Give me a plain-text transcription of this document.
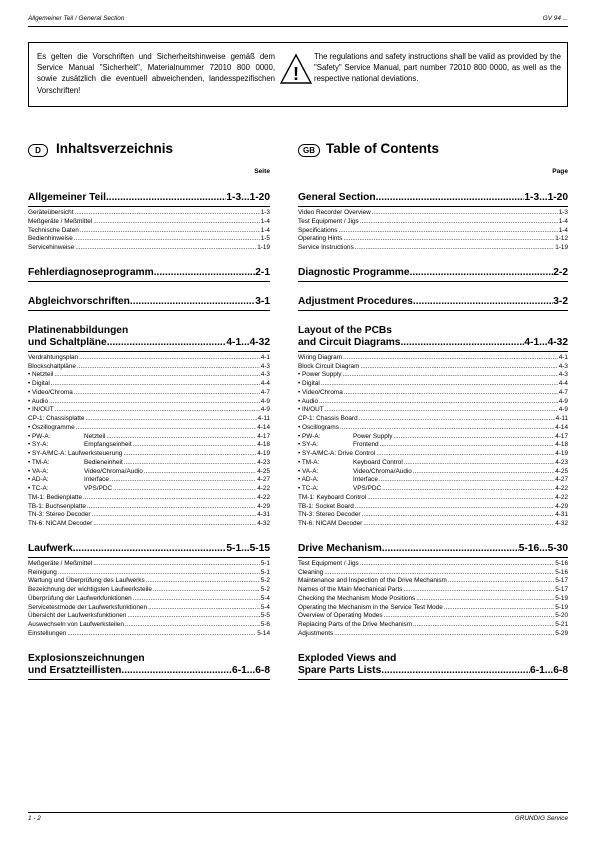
Allgemeiner Teil / General Section	GV 94 ...
Es gelten die Vorschriften und Sicherheitshinweise gemäß dem Service Manual "Sicherheit", Materialnummer 72010 800 0000, sowie zusätzlich die eventuell abweichenden, landesspezifischen Vorschriften!
!
The regulations and safety instructions shall be valid as provided by the "Safety" Service Manual, part number 72010 800 0000, as well as the respective national deviations.
D	Inhaltsverzeichnis
Seite
Allgemeiner Teil .....	1-3...1-20
Geräteübersicht .....	1-3
Meßgeräte / Meßmittel .....	1-4
Technische Daten .....	1-4
Bedienhinweise .....	1-5
Servicehinweise .....	1-19
Fehlerdiagnoseprogramm .....	2-1
Abgleichvorschriften .....	3-1
Platinenabbildungen
und Schaltpläne .....	4-1...4-32
Verdrahtungsplan .....	4-1
Blockschaltpläne .....	4-3
• Netzteil .....	4-3
• Digital .....	4-4
• Video/Chroma .....	4-7
• Audio .....	4-9
• IN/OUT .....	4-9
CP-1: Chassisplatte .....	4-11
• Oszillogramme .....	4-14
• PW-A:	Netzteil .....	4-17
• SY-A:	Empfangseinheit .....	4-18
• SY-A/MC-A: Laufwerksteuerung .....	4-19
• TM-A:	Bedieneinheit .....	4-23
• VA-A:	Video/Chroma/Audio .....	4-25
• AD-A:	Interface .....	4-27
• TC-A:	VPS/PDC .....	4-22
TM-1: Bedienplatte .....	4-22
TB-1: Buchsenplatte .....	4-29
TN-3: Stereo Decoder .....	4-31
TN-6: NICAM Decoder .....	4-32
Laufwerk .....	5-1...5-15
Meßgeräte / Meßmittel .....	5-1
Reinigung .....	5-1
Wartung und Überprüfung des Laufwerks .....	5-2
Bezeichnung der wichtigsten Laufwerksteile .....	5-2
Überprüfung der Laufwerkfunktionen .....	5-4
Servicetestmode der Laufwerksfunktionen .....	5-4
Übersicht der Laufwerksfunktionen .....	5-5
Auswechseln von Laufwerksteilen .....	5-6
Einstellungen .....	5-14
Explosionszeichnungen
und Ersatzteillisten .....	6-1...6-8
GB Table of Contents
Page
General Section .....	1-3...1-20
Video Recorder Overview .....	1-3
Test Equipment / Jigs .....	1-4
Specifications .....	1-4
Operating Hints .....	1-12
Service Instructions .....	1-19
Diagnostic Programme .....	2-2
Adjustment Procedures .....	3-2
Layout of the PCBs
and Circuit Diagrams .....	4-1...4-32
Wiring Diagram .....	4-1
Block Circuit Diagram .....	4-3
• Power Supply .....	4-3
• Digital .....	4-4
• Video/Chroma .....	4-7
• Audio .....	4-9
• IN/OUT .....	4-9
CP-1: Chassis Board .....	4-11
• Oscillograms .....	4-14
• PW-A:	Power Supply .....	4-17
• SY-A:	Frontend .....	4-18
• SY-A/MC-A: Drive Control .....	4-19
• TM-A:	Keyboard Control .....	4-23
• VA-A:	Video/Chroma/Audio .....	4-25
• AD-A:	Interface .....	4-27
• TC-A:	VPS/PDC .....	4-22
TM-1: Keyboard Control .....	4-22
TB-1: Socket Board .....	4-29
TN-3: Stereo Decoder .....	4-31
TN-6: NICAM Decoder .....	4-32
Drive Mechanism .....	5-16...5-30
Test Equipment / Jigs .....	5-16
Cleaning .....	5-16
Maintenance and Inspection of the Drive Mechanism .....	5-17
Names of the Main Mechanical Parts .....	5-17
Checking the Mechanism Mode Positions .....	5-19
Operating the Mechanism in the Service Test Mode .....	5-19
Overview of Operating Modes .....	5-20
Replacing Parts of the Drive Mechanism .....	5-21
Adjustments .....	5-29
Exploded Views and
Spare Parts Lists .....	6-1...6-8
1 - 2	GRUNDIG Service
